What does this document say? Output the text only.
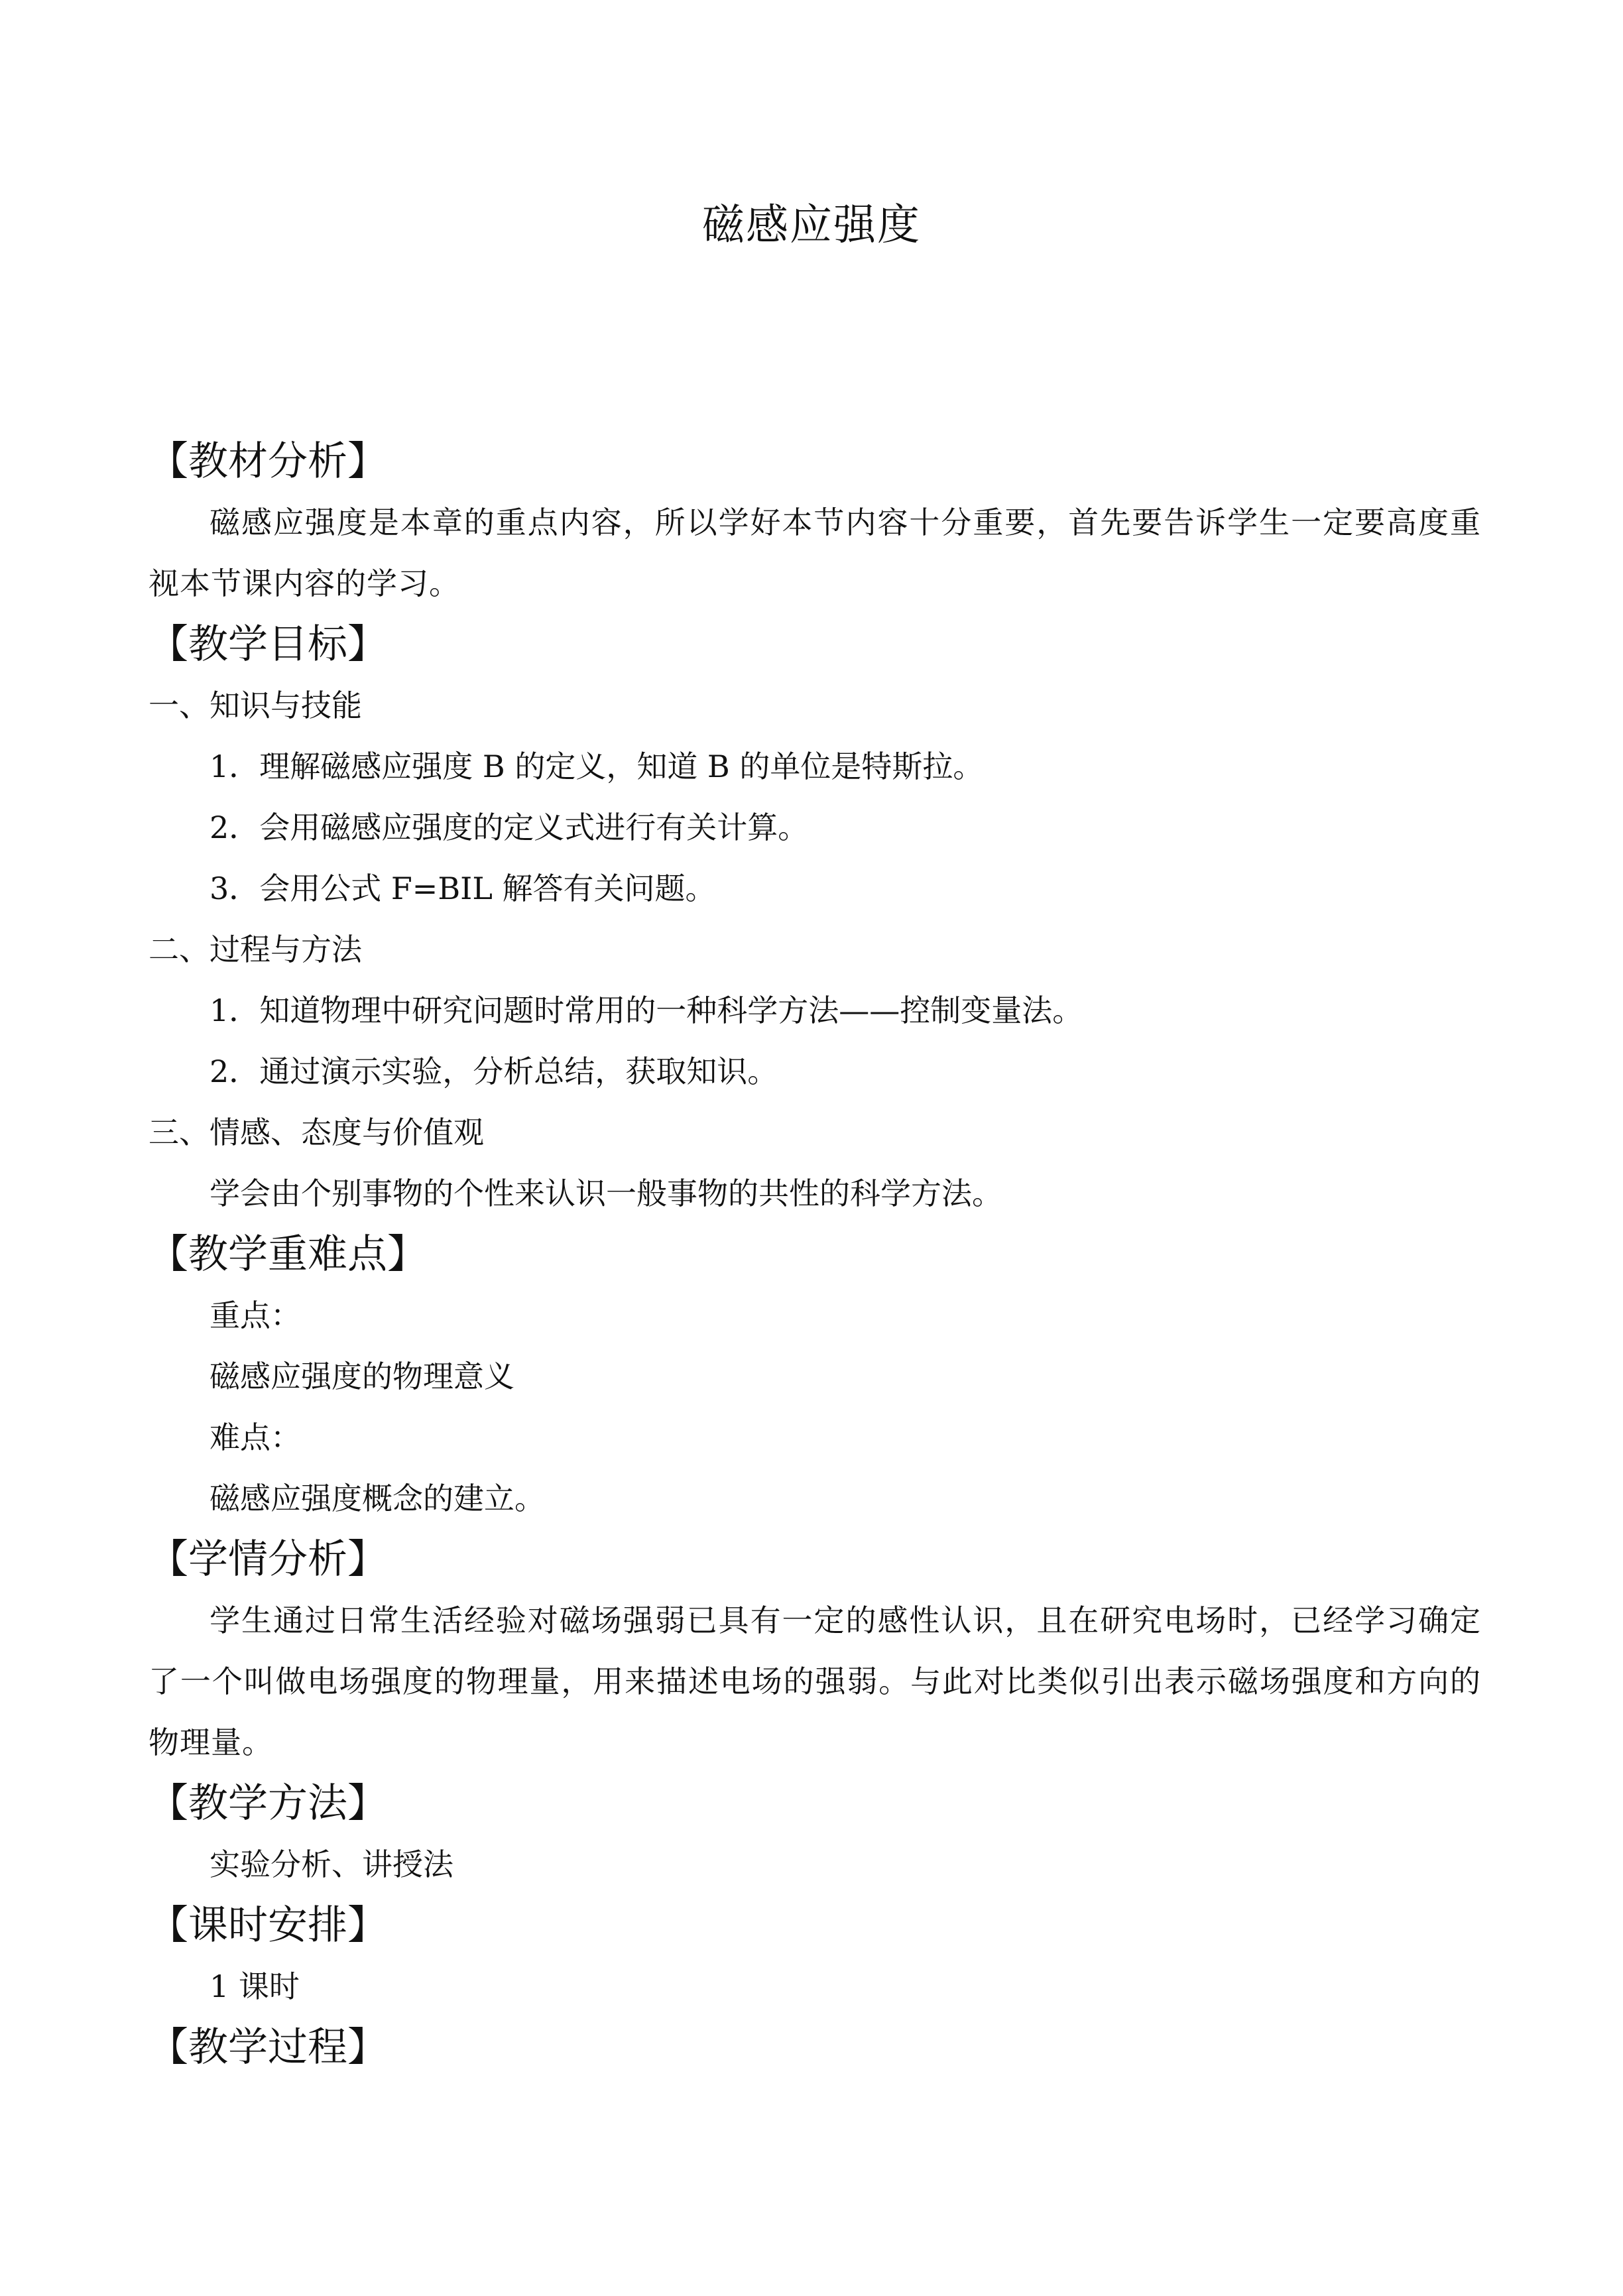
磁感应强度
【教材分析】

磁感应强度是本章的重点内容，所以学好本节内容十分重要，首先要告诉学生一定要高度重视本节课内容的学习。

【教学目标】
一、知识与技能

1．理解磁感应强度 B 的定义，知道 B 的单位是特斯拉。

2．会用磁感应强度的定义式进行有关计算。

3．会用公式 F=BIL 解答有关问题。

二、过程与方法

1．知道物理中研究问题时常用的一种科学方法——控制变量法。

2．通过演示实验，分析总结，获取知识。

三、情感、态度与价值观

学会由个别事物的个性来认识一般事物的共性的科学方法。

【教学重难点】

重点：

磁感应强度的物理意义

难点：

磁感应强度概念的建立。

【学情分析】

学生通过日常生活经验对磁场强弱已具有一定的感性认识，且在研究电场时，已经学习确定了一个叫做电场强度的物理量，用来描述电场的强弱。与此对比类似引出表示磁场强度和方向的物理量。

【教学方法】

实验分析、讲授法

【课时安排】

1 课时

【教学过程】
